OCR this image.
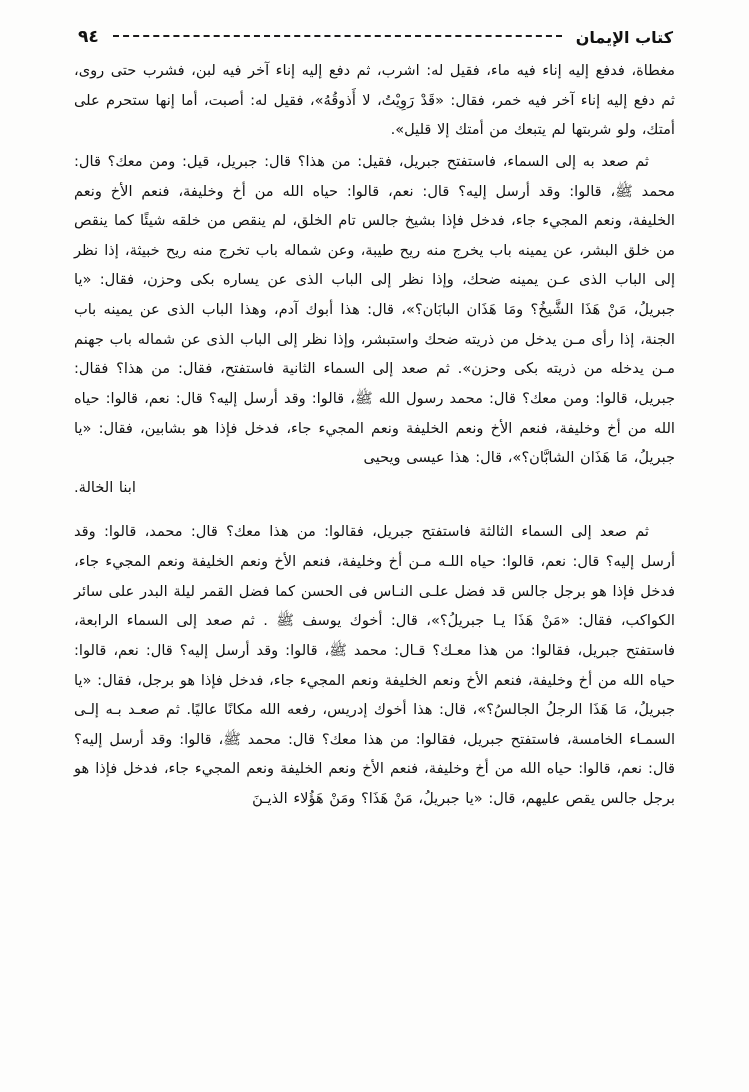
٩٤	كتاب الإيمان

مغطاة، فدفع إليه إناء فيه ماء، فقيل له: اشرب، ثم دفع إليه إناء آخر فيه لبن، فشرب حتى روى، ثم دفع إليه إناء آخر فيه خمر، فقال: «قَدْ رَوِيْتُ، لا أَذوقُهُ»، فقيل له: أصبت، أما إنها ستحرم على أمتك، ولو شربتها لم يتبعك من أمتك إلا قليل».

ثم صعد به إلى السماء، فاستفتح جبريل، فقيل: من هذا؟ قال: جبريل، قيل: ومن معك؟ قال: محمد ﷺ، قالوا: وقد أرسل إليه؟ قال: نعم، قالوا: حياه الله من أخ وخليفة، فنعم الأخ ونعم الخليفة، ونعم المجيء جاء، فدخل فإذا بشيخ جالس تام الخلق، لم ينقص من خلقه شيئًا كما ينقص من خلق البشر، عن يمينه باب يخرج منه ريح طيبة، وعن شماله باب تخرج منه ريح خبيثة، إذا نظر إلى الباب الذى عـن يمينه ضحك، وإذا نظر إلى الباب الذى عن يساره بكى وحزن، فقال: «يا جبريلُ، مَنْ هَذَا الشَّيخُ؟ ومَا هَذَان البابَان؟»، قال: هذا أبوك آدم، وهذا الباب الذى عن يمينه باب الجنة، إذا رأى مـن يدخل من ذريته ضحك واستبشر، وإذا نظر إلى الباب الذى عن شماله باب جهنم مـن يدخله من ذريته بكى وحزن». ثم صعد إلى السماء الثانية فاستفتح، فقال: من هذا؟ فقال: جبريل، قالوا: ومن معك؟ قال: محمد رسول الله ﷺ، قالوا: وقد أرسل إليه؟ قال: نعم، قالوا: حياه الله من أخ وخليفة، فنعم الأخ ونعم الخليفة ونعم المجيء جاء، فدخل فإذا هو بشابين، فقال: «يا جبريلُ، مَا هَذَان الشابَّان؟»، قال: هذا عيسى ويحيى

ابنا الخالة.

ثم صعد إلى السماء الثالثة فاستفتح جبريل، فقالوا: من هذا معك؟ قال: محمد، قالوا: وقد أرسل إليه؟ قال: نعم، قالوا: حياه اللـه مـن أخ وخليفة، فنعم الأخ ونعم الخليفة ونعم المجيء جاء، فدخل فإذا هو برجل جالس قد فضل علـى النـاس فى الحسن كما فضل القمر ليلة البدر على سائر الكواكب، فقال: «مَنْ هَذَا يـا جبريلُ؟»، قال: أخوك يوسف ﷺ . ثم صعد إلى السماء الرابعة، فاستفتح جبريل، فقالوا: من هذا معـك؟ قـال: محمد ﷺ، قالوا: وقد أرسل إليه؟ قال: نعم، قالوا: حياه الله من أخ وخليفة، فنعم الأخ ونعم الخليفة ونعم المجيء جاء، فدخل فإذا هو برجل، فقال: «يا جبريلُ، مَا هَذَا الرجلُ الجالسُ؟»، قال: هذا أخوك إدريس، رفعه الله مكانًا عاليًا. ثم صعـد بـه إلـى السمـاء الخامسة، فاستفتح جبريل، فقالوا: من هذا معك؟ قال: محمد ﷺ، قالوا: وقد أرسل إليه؟ قال: نعم، قالوا: حياه الله من أخ وخليفة، فنعم الأخ ونعم الخليفة ونعم المجيء جاء، فدخل فإذا هو برجل جالس يقص عليهم، قال: «يا جبريلُ، مَنْ هَذَا؟ ومَنْ هَؤُلاء الذيـنَ
